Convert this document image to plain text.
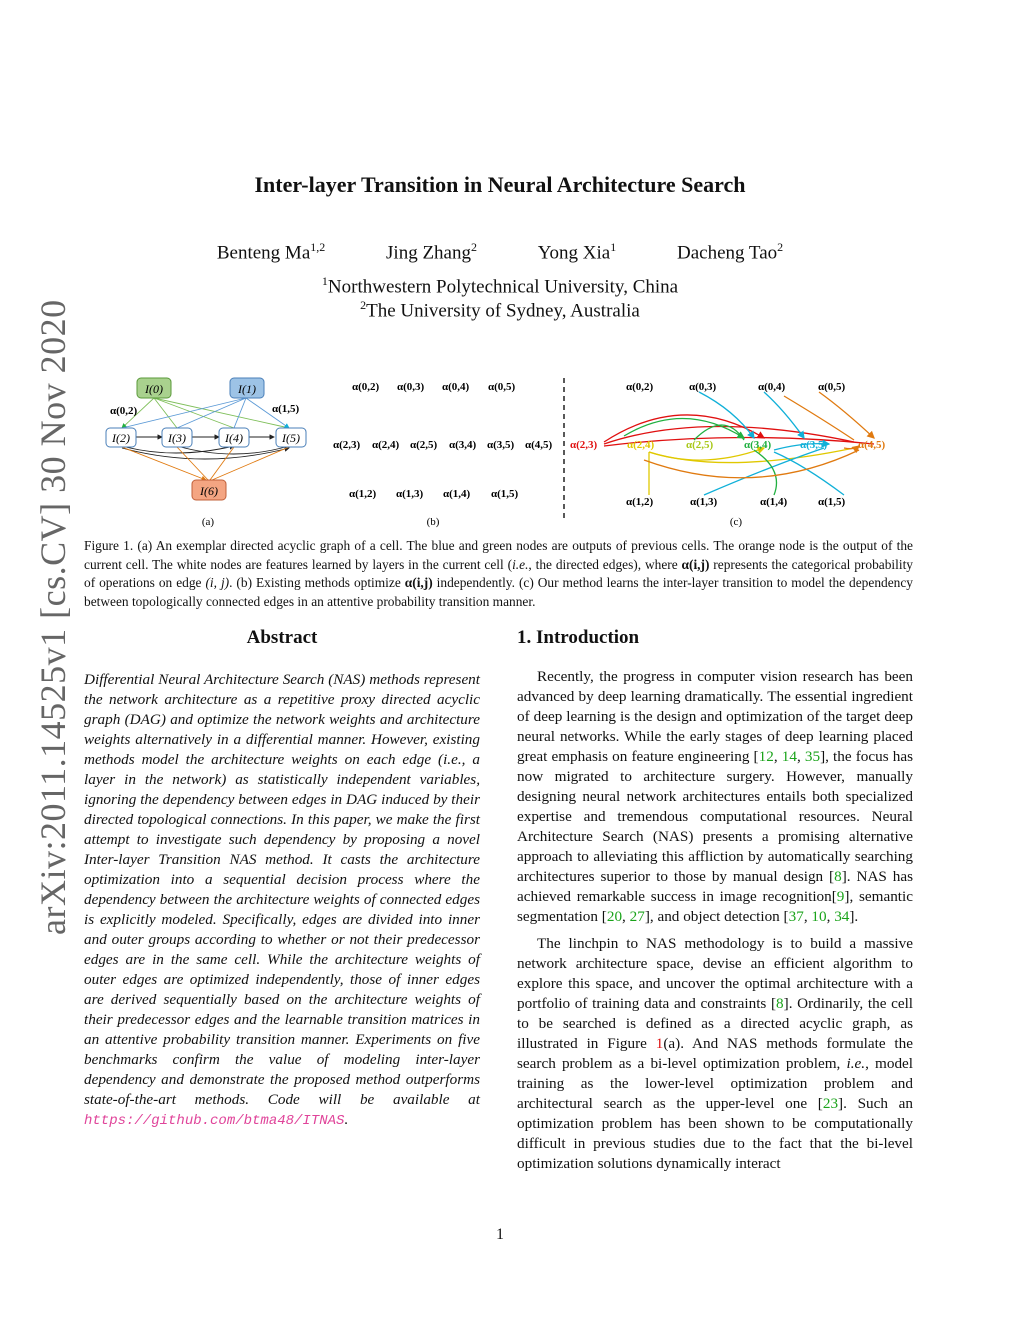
arXiv:2011.14525v1 [cs.CV] 30 Nov 2020
Inter-layer Transition in Neural Architecture Search
Benteng Ma$^{1,2}$	Jing Zhang$^2$	Yong Xia$^1$	Dacheng Tao$^2$
$^1$Northwestern Polytechnical University, China
$^2$The University of Sydney, Australia
I(0)	I(1)
I(2)	I(3)	I(4)	I(5)
I(6)
α(0,2)	α(1,5)
(a)
α(0,2) α(0,3) α(0,4) α(0,5)
α(2,3) α(2,4) α(2,5) α(3,4) α(3,5) α(4,5)
α(1,2) α(1,3) α(1,4) α(1,5)
(b)
α(0,2)	α(0,3)	α(0,4)	α(0,5)
α(2,3)	α(2,4)	α(2,5)	α(3,4)	α(3,5)	α(4,5)
α(1,2)	α(1,3)	α(1,4)	α(1,5)
(c)
Figure 1. (a) An exemplar directed acyclic graph of a cell. The blue and green nodes are outputs of previous cells. The orange node is the output of the current cell. The white nodes are features learned by layers in the current cell (i.e., the directed edges), where α(i,j) represents the categorical probability of operations on edge (i, j). (b) Existing methods optimize α(i,j) independently. (c) Our method learns the inter-layer transition to model the dependency between topologically connected edges in an attentive probability transition manner.
Abstract
Differential Neural Architecture Search (NAS) methods represent the network architecture as a repetitive proxy directed acyclic graph (DAG) and optimize the network weights and architecture weights alternatively in a differential manner. However, existing methods model the architecture weights on each edge (i.e., a layer in the network) as statistically independent variables, ignoring the dependency between edges in DAG induced by their directed topological connections. In this paper, we make the first attempt to investigate such dependency by proposing a novel Inter-layer Transition NAS method. It casts the architecture optimization into a sequential decision process where the dependency between the architecture weights of connected edges is explicitly modeled. Specifically, edges are divided into inner and outer groups according to whether or not their predecessor edges are in the same cell. While the architecture weights of outer edges are optimized independently, those of inner edges are derived sequentially based on the architecture weights of their predecessor edges and the learnable transition matrices in an attentive probability transition manner. Experiments on five benchmarks confirm the value of modeling inter-layer dependency and demonstrate the proposed method outperforms state-of-the-art methods. Code will be available at https://github.com/btma48/ITNAS.
1. Introduction

Recently, the progress in computer vision research has been advanced by deep learning dramatically. The essential ingredient of deep learning is the design and optimization of the target deep neural networks. While the early stages of deep learning placed great emphasis on feature engineering [12, 14, 35], the focus has now migrated to architecture surgery. However, manually designing neural network architectures entails both specialized expertise and tremendous computational resources. Neural Architecture Search (NAS) presents a promising alternative approach to alleviating this affliction by automatically searching architectures superior to those by manual design [8]. NAS has achieved remarkable success in image recognition[9], semantic segmentation [20, 27], and object detection [37, 10, 34].

The linchpin to NAS methodology is to build a massive network architecture space, devise an efficient algorithm to explore this space, and uncover the optimal architecture with a portfolio of training data and constraints [8]. Ordinarily, the cell to be searched is defined as a directed acyclic graph, as illustrated in Figure 1(a). And NAS methods formulate the search problem as a bi-level optimization problem, i.e., model training as the lower-level optimization problem and architectural search as the upper-level one [23]. Such an optimization problem has been shown to be computationally difficult in previous studies due to the fact that the bi-level optimization solutions dynamically interact

1
